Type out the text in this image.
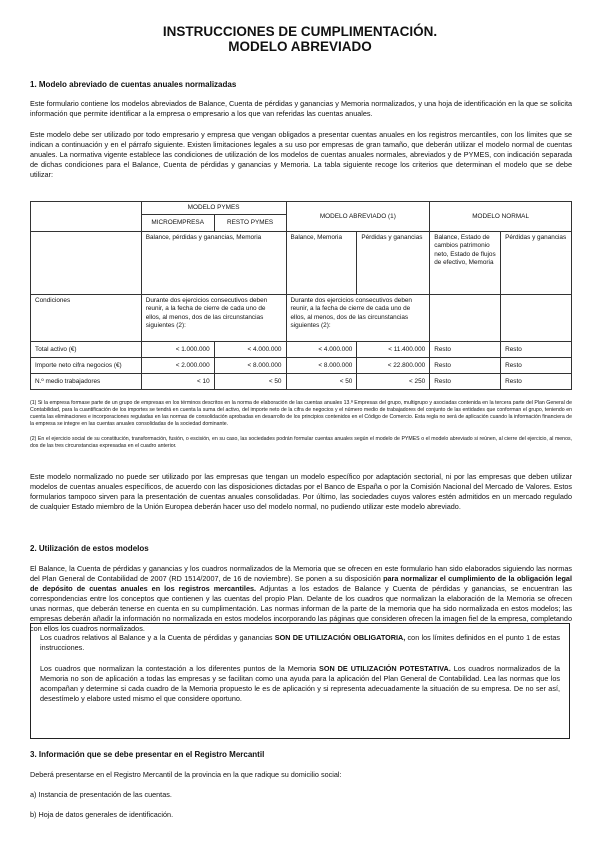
INSTRUCCIONES DE CUMPLIMENTACIÓN.
MODELO ABREVIADO
1. Modelo abreviado de cuentas anuales normalizadas

Este formulario contiene los modelos abreviados de Balance, Cuenta de pérdidas y ganancias y Memoria normalizados, y una hoja de identificación en la que se solicita información que permite identificar a la empresa o empresario a los que van referidas las cuentas anuales.

Este modelo debe ser utilizado por todo empresario y empresa que vengan obligados a presentar cuentas anuales en los registros mercantiles, con los límites que se indican a continuación y en el párrafo siguiente. Existen limitaciones legales a su uso por empresas de gran tamaño, que deberán utilizar el modelo normal de cuentas anuales. La normativa vigente establece las condiciones de utilización de los modelos de cuentas anuales normales, abreviados y de PYMES, con indicación separada de dichas condiciones para el Balance, Cuenta de pérdidas y ganancias y Memoria. La tabla siguiente recoge los criterios que determinan el modelo que se debe utilizar:

	MODELO PYMES		MODELO ABREVIADO (1)		MODELO NORMAL	
	MICROEMPRESA	RESTO PYMES				
	Balance, pérdidas y ganancias, Memoria		Balance, Memoria	Pérdidas y ganancias	Balance, Estado de cambios patrimonio neto, Estado de flujos de efectivo, Memoria	Pérdidas y ganancias
Condiciones	Durante dos ejercicios consecutivos deben reunir, a la fecha de cierre de cada uno de ellos, al menos, dos de las circunstancias siguientes (2):		Durante dos ejercicios consecutivos deben reunir, a la fecha de cierre de cada uno de ellos, al menos, dos de las circunstancias siguientes (2):			
Total activo (€)	< 1.000.000	< 4.000.000	< 4.000.000	< 11.400.000	Resto	Resto
Importe neto cifra negocios (€)	< 2.000.000	< 8.000.000	< 8.000.000	< 22.800.000	Resto	Resto
N.º medio trabajadores	< 10	< 50	< 50	< 250	Resto	Resto

(1) Si la empresa formase parte de un grupo de empresas en los términos descritos en la norma de elaboración de las cuentas anuales 13.ª Empresas del grupo, multigrupo y asociadas contenida en la tercera parte del Plan General de Contabilidad, para la cuantificación de los importes se tendrá en cuenta la suma del activo, del importe neto de la cifra de negocios y el número medio de trabajadores del conjunto de las entidades que conforman el grupo, teniendo en cuenta las eliminaciones e incorporaciones reguladas en las normas de consolidación aprobadas en desarrollo de los principios contenidos en el Código de Comercio. Esta regla no será de aplicación cuando la información financiera de la empresa se integre en las cuentas anuales consolidadas de la sociedad dominante.

(2) En el ejercicio social de su constitución, transformación, fusión, o escisión, en su caso, las sociedades podrán formular cuentas anuales según el modelo de PYMES o el modelo abreviado si reúnen, al cierre del ejercicio, al menos, dos de las tres circunstancias expresadas en el cuadro anterior.

Este modelo normalizado no puede ser utilizado por las empresas que tengan un modelo específico por adaptación sectorial, ni por las empresas que deben utilizar modelos de cuentas anuales específicos, de acuerdo con las disposiciones dictadas por el Banco de España o por la Comisión Nacional del Mercado de Valores. Estos formularios tampoco sirven para la presentación de cuentas anuales consolidadas. Por último, las sociedades cuyos valores estén admitidos en un mercado regulado de cualquier Estado miembro de la Unión Europea deberán hacer uso del modelo normal, no pudiendo utilizar este modelo abreviado.

2. Utilización de estos modelos

El Balance, la Cuenta de pérdidas y ganancias y los cuadros normalizados de la Memoria que se ofrecen en este formulario han sido elaborados siguiendo las normas del Plan General de Contabilidad de 2007 (RD 1514/2007, de 16 de noviembre). Se ponen a su disposición para normalizar el cumplimiento de la obligación legal de depósito de cuentas anuales en los registros mercantiles. Adjuntas a los estados de Balance y Cuenta de pérdidas y ganancias, se encuentran las correspondencias entre los conceptos que contienen y las cuentas del propio Plan. Delante de los cuadros que normalizan la elaboración de la Memoria se ofrecen unas normas, que deberán tenerse en cuenta en su cumplimentación. Las normas informan de la parte de la memoria que ha sido normalizada en estos modelos; las empresas deberán añadir la información no normalizada en estos modelos incorporando las páginas que consideren ofrecen la imagen fiel de la empresa, completando con ellos los cuadros normalizados.

Los cuadros relativos al Balance y a la Cuenta de pérdidas y ganancias SON DE UTILIZACIÓN OBLIGATORIA, con los límites definidos en el punto 1 de estas instrucciones.

Los cuadros que normalizan la contestación a los diferentes puntos de la Memoria SON DE UTILIZACIÓN POTESTATIVA. Los cuadros normalizados de la Memoria no son de aplicación a todas las empresas y se facilitan como una ayuda para la aplicación del Plan General de Contabilidad. Lea las normas que los acompañan y determine si cada cuadro de la Memoria propuesto le es de aplicación y si representa adecuadamente la situación de su empresa. De no ser así, desestímelo y elabore usted mismo el que considere oportuno.

3. Información que se debe presentar en el Registro Mercantil
Deberá presentarse en el Registro Mercantil de la provincia en la que radique su domicilio social:
a) Instancia de presentación de las cuentas.
b) Hoja de datos generales de identificación.
